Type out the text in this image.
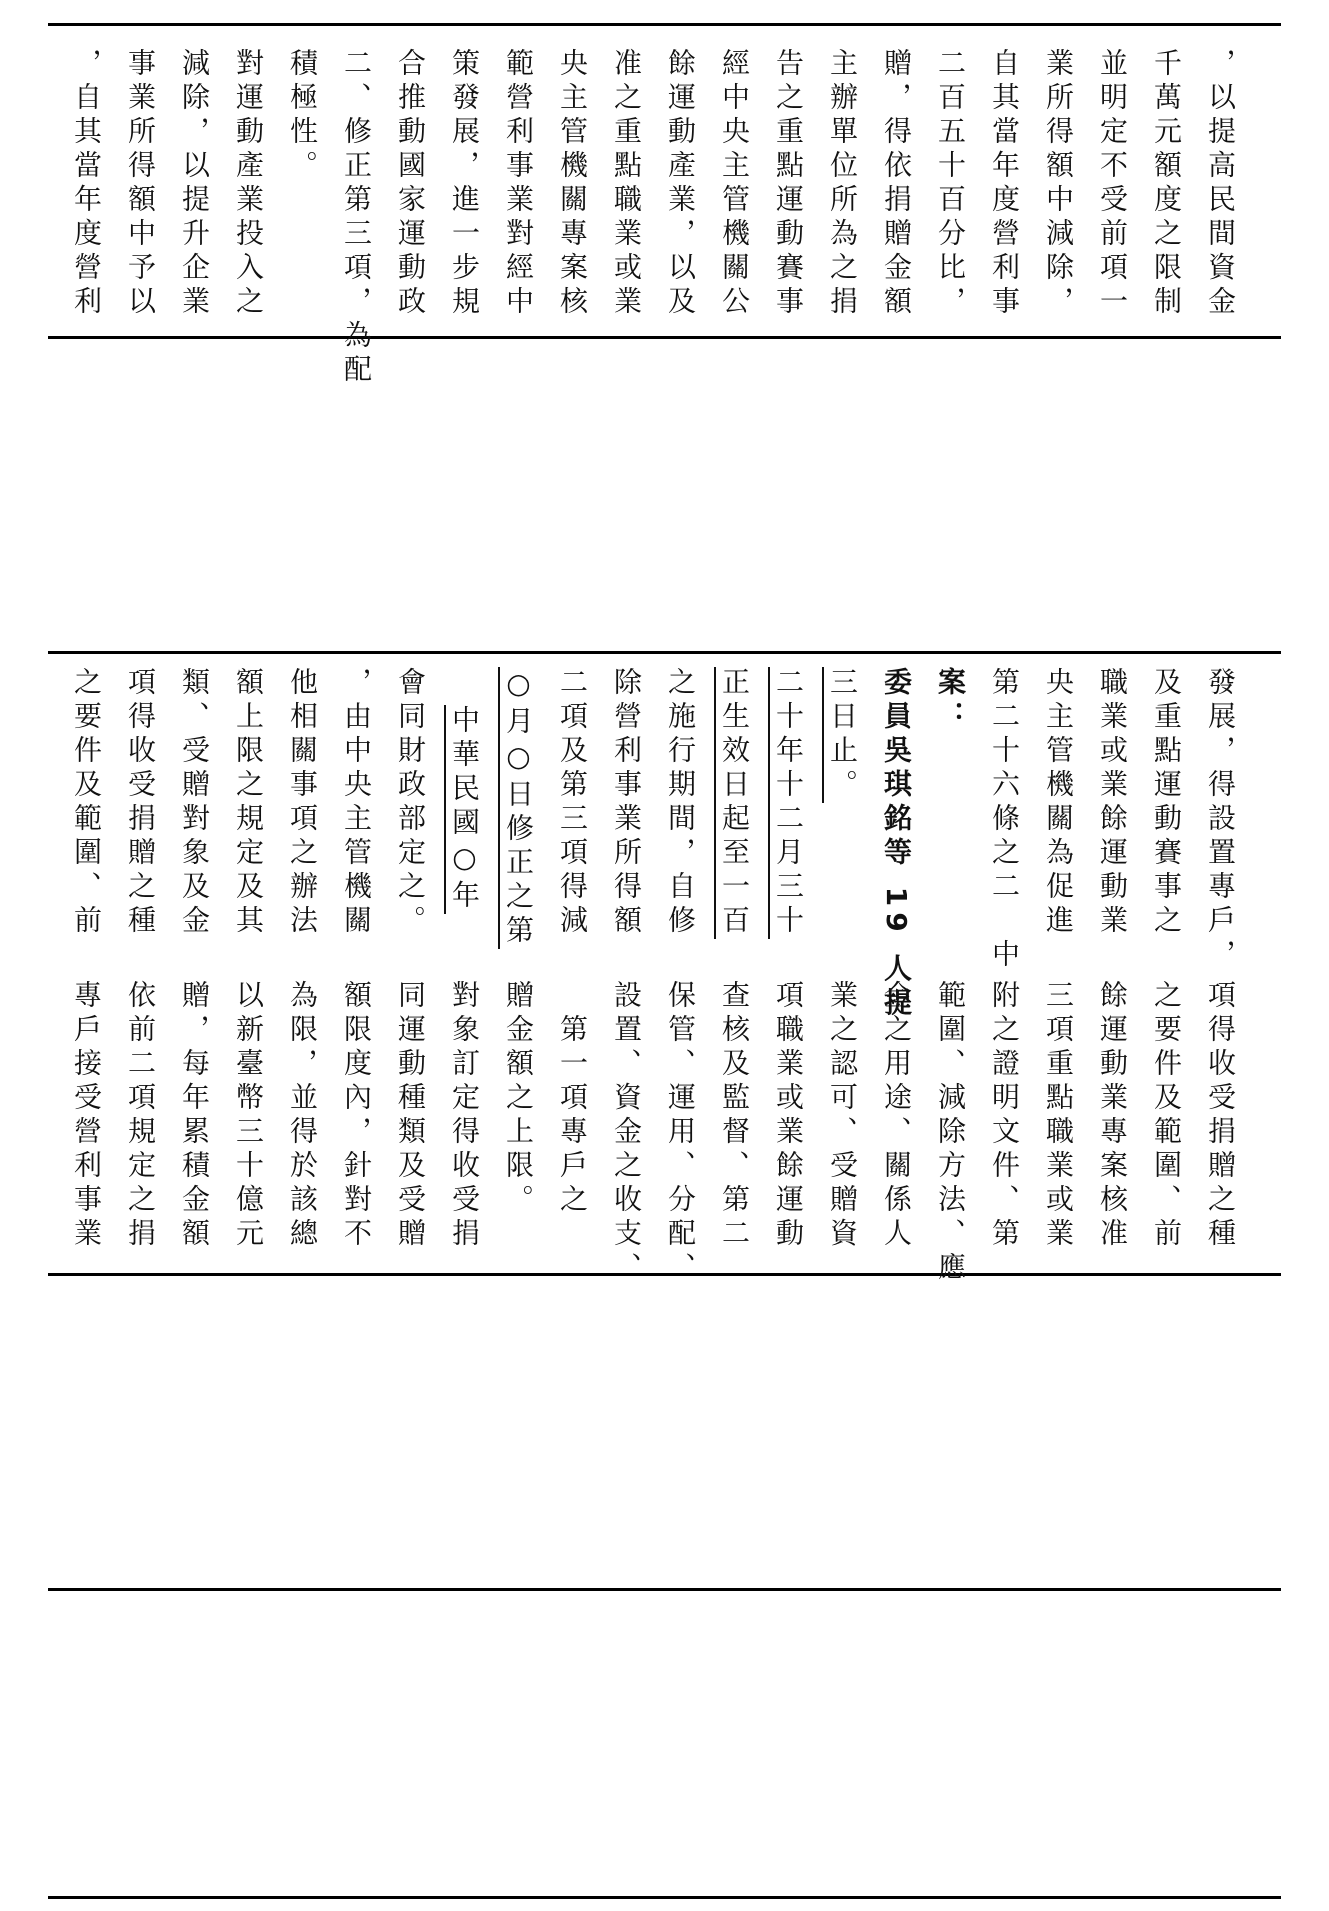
，自其當年度營利 事業所得額中予以 減除，以提升企業 對運動產業投入之 積極性。 二、修正第三項，為配 合推動國家運動政 策發展，進一步規 範營利事業對經中 央主管機關專案核 准之重點職業或業 餘運動產業，以及 經中央主管機關公 告之重點運動賽事 主辦單位所為之捐 贈，得依捐贈金額 二百五十百分比， 自其當年度營利事 業所得額中減除， 並明定不受前項一 千萬元額度之限制 ，以提高民間資金
之要件及範圍、前 項得收受捐贈之種 類、受贈對象及金 額上限之規定及其 他相關事項之辦法 ，由中央主管機關 會同財政部定之。 中華民國○年 ○月○日修正之第 二項及第三項得減 除營利事業所得額 之施行期間，自修 正生效日起至一百 二十年十二月三十 三日止。 委員吳琪銘等 19 人提 案： 第二十六條之二　中 央主管機關為促進 職業或業餘運動業 及重點運動賽事之 發展，得設置專戶，
專戶接受營利事業 依前二項規定之捐 贈，每年累積金額 以新臺幣三十億元 為限，並得於該總 額限度內，針對不 同運動種類及受贈 對象訂定得收受捐 贈金額之上限。 第一項專戶之 設置、資金之收支、 保管、運用、分配、 查核及監督、第二 項職業或業餘運動 業之認可、受贈資 金之用途、關係人 範圍、減除方法、應 附之證明文件、第 三項重點職業或業 餘運動業專案核准 之要件及範圍、前 項得收受捐贈之種
